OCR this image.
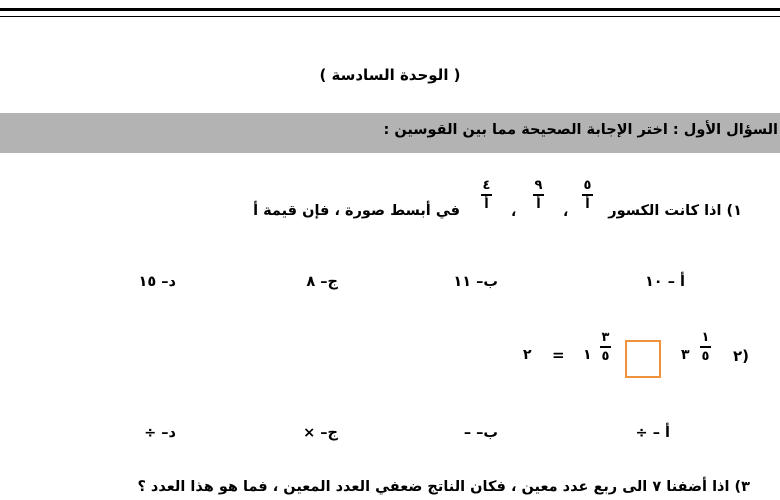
( الوحدة السادسة )
السؤال الأول : اختر الإجابة الصحيحة مما بين القوسين :
١) اذا كانت الكسور
٥
أ
،
٩
أ
،
٤
أ
في أبسط صورة ، فإن قيمة أ
أ – ١٠
ب– ١١
ج– ٨
د– ١٥
٢)
١
٥
٣
٣
٥
١
=
٢
أ – ÷
ب– –
ج– ×
د– ÷
٣) اذا أضفنا ٧ الى ربع عدد معين ، فكان الناتج ضعفي العدد المعين ، فما هو هذا العدد ؟
